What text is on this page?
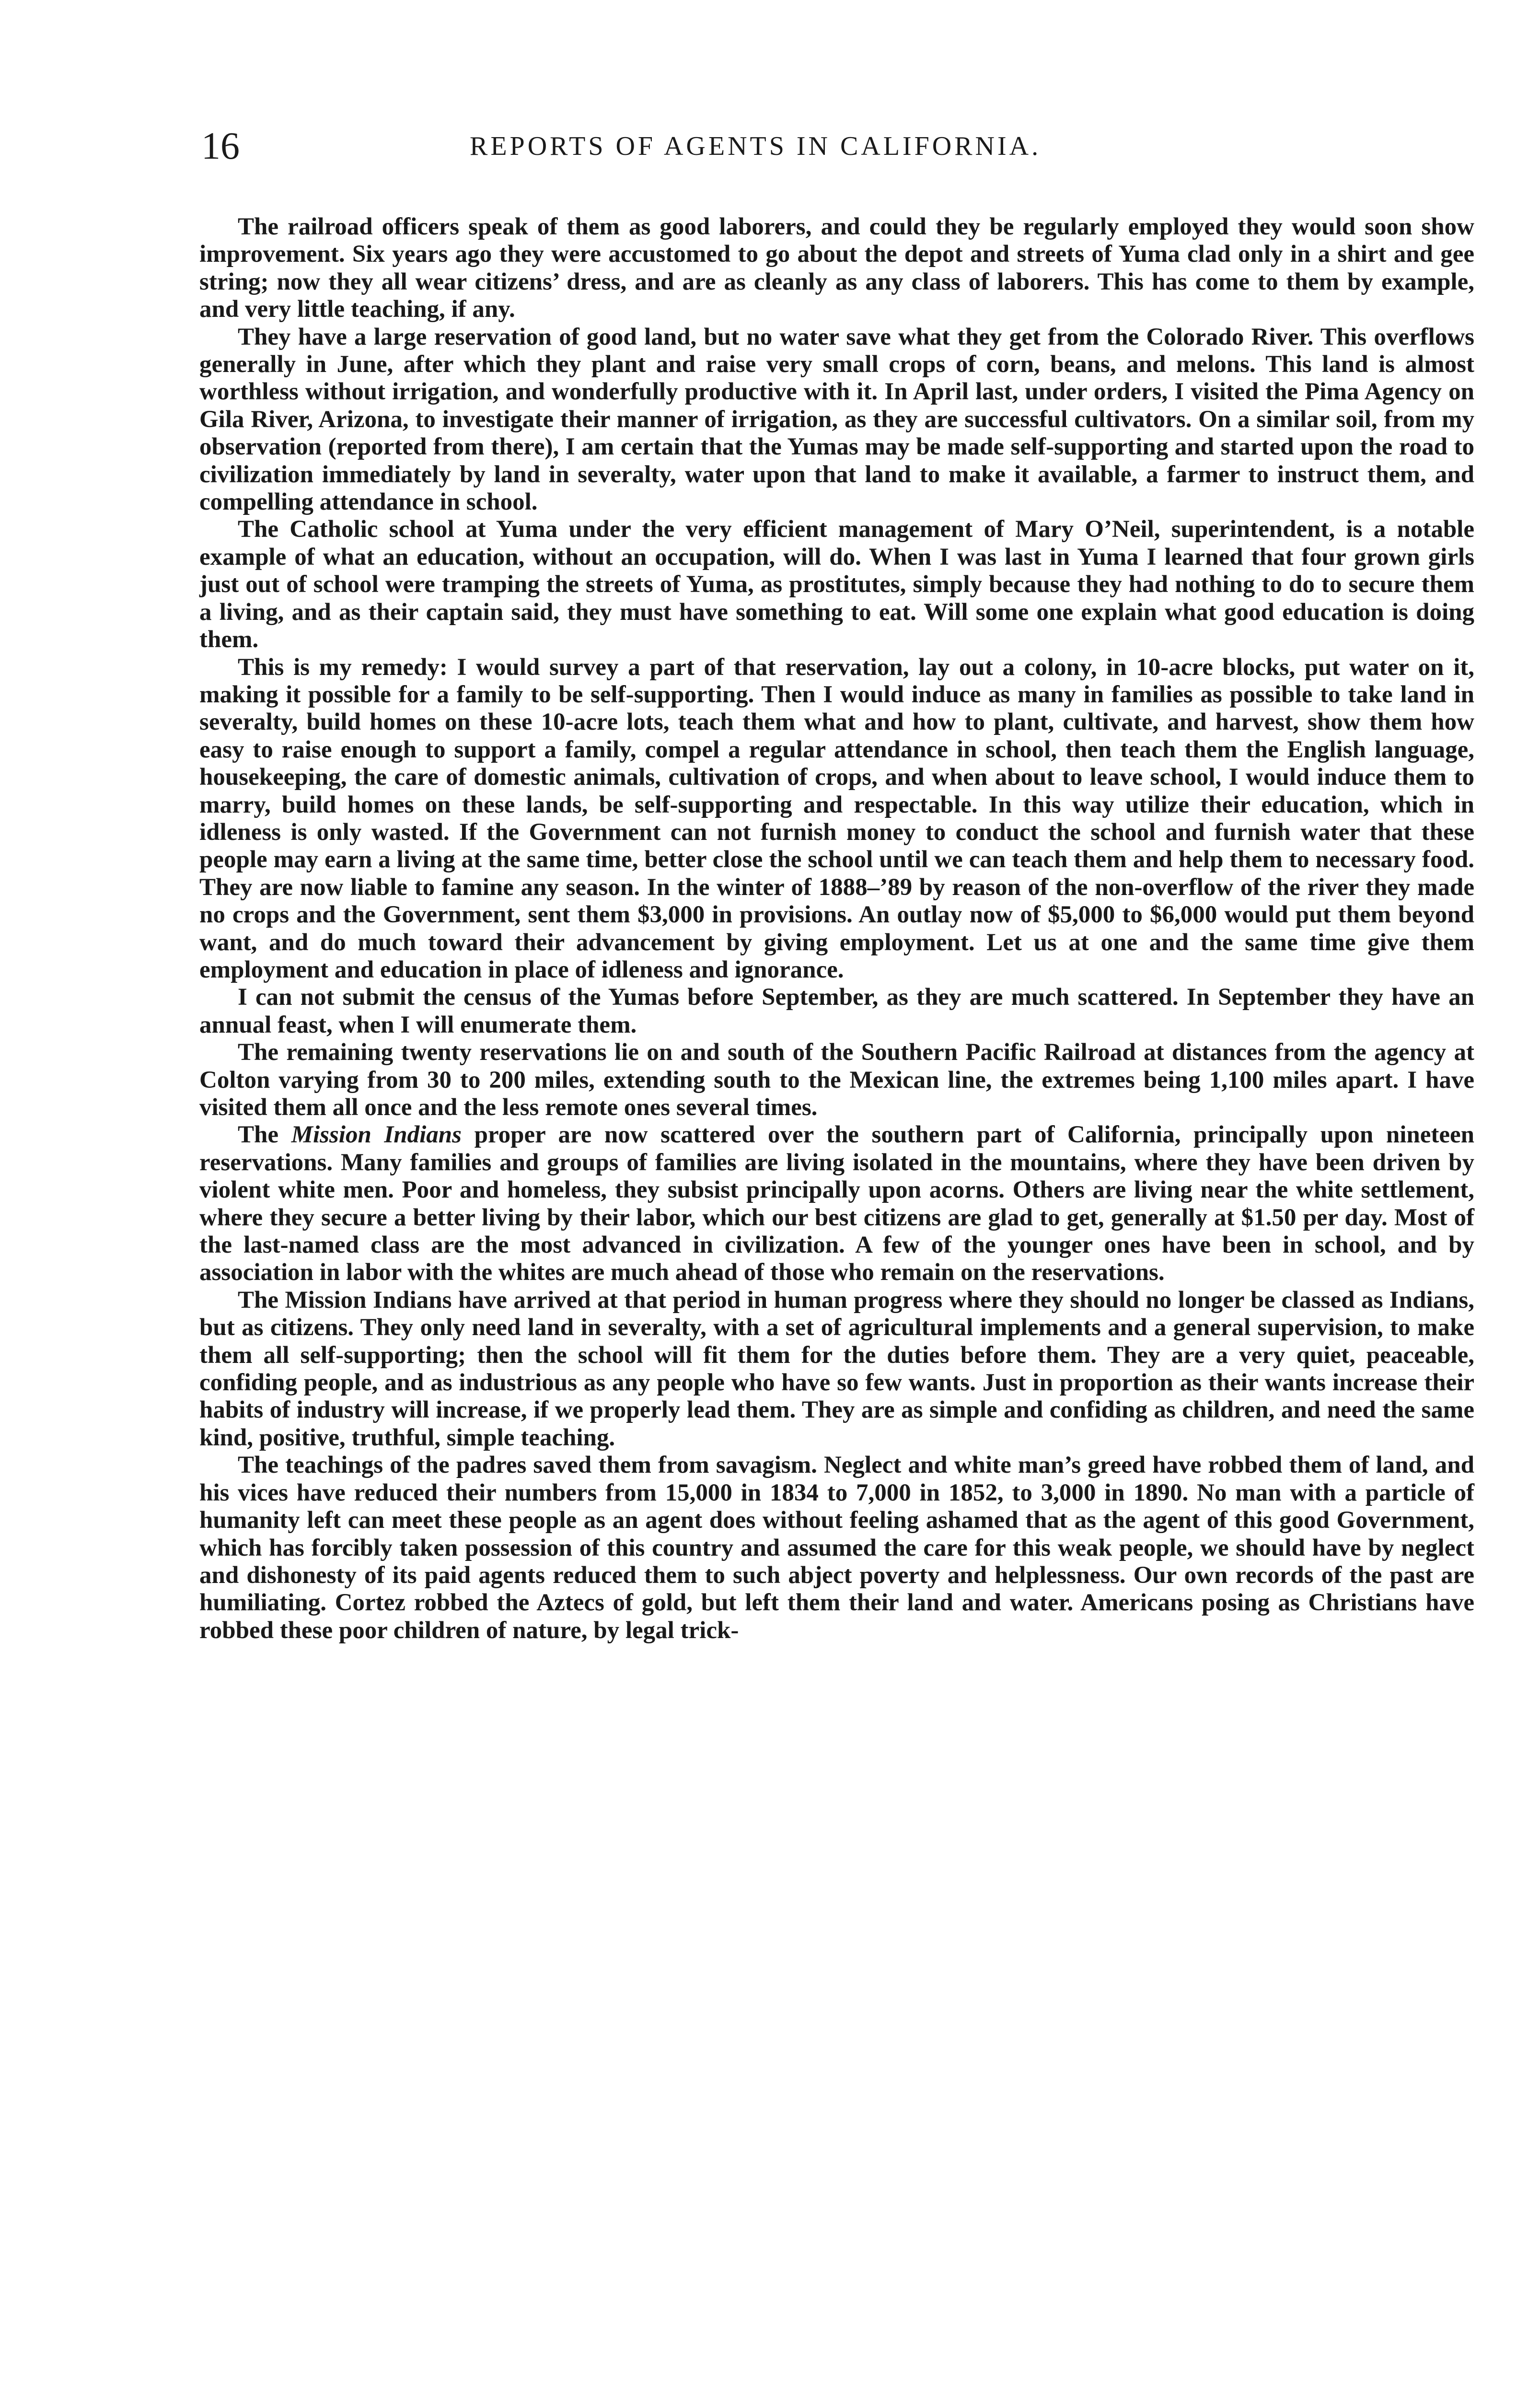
16	REPORTS OF AGENTS IN CALIFORNIA.

The railroad officers speak of them as good laborers, and could they be regularly employed they would soon show improvement. Six years ago they were accustomed to go about the depot and streets of Yuma clad only in a shirt and gee string; now they all wear citizens’ dress, and are as cleanly as any class of laborers. This has come to them by example, and very little teaching, if any.

They have a large reservation of good land, but no water save what they get from the Colorado River. This overflows generally in June, after which they plant and raise very small crops of corn, beans, and melons. This land is almost worthless without irrigation, and wonderfully productive with it. In April last, under orders, I visited the Pima Agency on Gila River, Arizona, to investigate their manner of irrigation, as they are successful cultivators. On a similar soil, from my observation (reported from there), I am certain that the Yumas may be made self-supporting and started upon the road to civilization immediately by land in severalty, water upon that land to make it available, a farmer to instruct them, and compelling attendance in school.

The Catholic school at Yuma under the very efficient management of Mary O’Neil, superintendent, is a notable example of what an education, without an occupation, will do. When I was last in Yuma I learned that four grown girls just out of school were tramping the streets of Yuma, as prostitutes, simply because they had nothing to do to secure them a living, and as their captain said, they must have something to eat. Will some one explain what good education is doing them.

This is my remedy: I would survey a part of that reservation, lay out a colony, in 10-acre blocks, put water on it, making it possible for a family to be self-supporting. Then I would induce as many in families as possible to take land in severalty, build homes on these 10-acre lots, teach them what and how to plant, cultivate, and harvest, show them how easy to raise enough to support a family, compel a regular attendance in school, then teach them the English language, housekeeping, the care of domestic animals, cultivation of crops, and when about to leave school, I would induce them to marry, build homes on these lands, be self-supporting and respectable. In this way utilize their education, which in idleness is only wasted. If the Government can not furnish money to conduct the school and furnish water that these people may earn a living at the same time, better close the school until we can teach them and help them to necessary food. They are now liable to famine any season. In the winter of 1888–’89 by reason of the non-overflow of the river they made no crops and the Government, sent them $3,000 in provisions. An outlay now of $5,000 to $6,000 would put them beyond want, and do much toward their advancement by giving employment. Let us at one and the same time give them employment and education in place of idleness and ignorance.

I can not submit the census of the Yumas before September, as they are much scattered. In September they have an annual feast, when I will enumerate them.

The remaining twenty reservations lie on and south of the Southern Pacific Railroad at distances from the agency at Colton varying from 30 to 200 miles, extending south to the Mexican line, the extremes being 1,100 miles apart. I have visited them all once and the less remote ones several times.

The Mission Indians proper are now scattered over the southern part of California, principally upon nineteen reservations. Many families and groups of families are living isolated in the mountains, where they have been driven by violent white men. Poor and homeless, they subsist principally upon acorns. Others are living near the white settlement, where they secure a better living by their labor, which our best citizens are glad to get, generally at $1.50 per day. Most of the last-named class are the most advanced in civilization. A few of the younger ones have been in school, and by association in labor with the whites are much ahead of those who remain on the reservations.

The Mission Indians have arrived at that period in human progress where they should no longer be classed as Indians, but as citizens. They only need land in severalty, with a set of agricultural implements and a general supervision, to make them all self-supporting; then the school will fit them for the duties before them. They are a very quiet, peaceable, confiding people, and as industrious as any people who have so few wants. Just in proportion as their wants increase their habits of industry will increase, if we properly lead them. They are as simple and confiding as children, and need the same kind, positive, truthful, simple teaching.

The teachings of the padres saved them from savagism. Neglect and white man’s greed have robbed them of land, and his vices have reduced their numbers from 15,000 in 1834 to 7,000 in 1852, to 3,000 in 1890. No man with a particle of humanity left can meet these people as an agent does without feeling ashamed that as the agent of this good Government, which has forcibly taken possession of this country and assumed the care for this weak people, we should have by neglect and dishonesty of its paid agents reduced them to such abject poverty and helplessness. Our own records of the past are humiliating. Cortez robbed the Aztecs of gold, but left them their land and water. Americans posing as Christians have robbed these poor children of nature, by legal trick-
